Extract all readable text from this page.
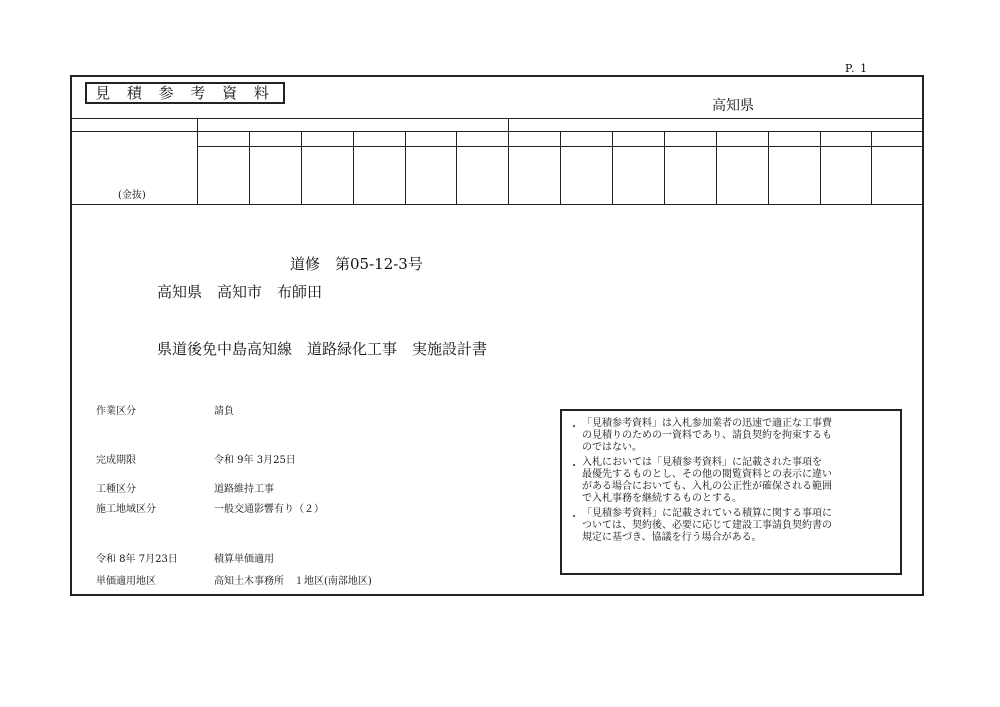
P. 1
見 積 参 考 資 料
高知県
(金抜)
道修　第05-12-3号
高知県　高知市　布師田
県道後免中島高知線　道路緑化工事　実施設計書
作業区分	請負
完成期限	令和 9年 3月25日
工種区分	道路維持工事
施工地域区分	一般交通影響有り（２）
令和 8年 7月23日	積算単価適用
単価適用地区	高知土木事務所　１地区(南部地区)
・ 「見積参考資料」は入札参加業者の迅速で適正な工事費
の見積りのための一資料であり、請負契約を拘束するも
のではない。
・ 入札においては「見積参考資料」に記載された事項を
最優先するものとし、その他の閲覧資料との表示に違い
がある場合においても、入札の公正性が確保される範囲
で入札事務を継続するものとする。
・ 「見積参考資料」に記載されている積算に関する事項に
ついては、契約後、必要に応じて建設工事請負契約書の
規定に基づき、協議を行う場合がある。
